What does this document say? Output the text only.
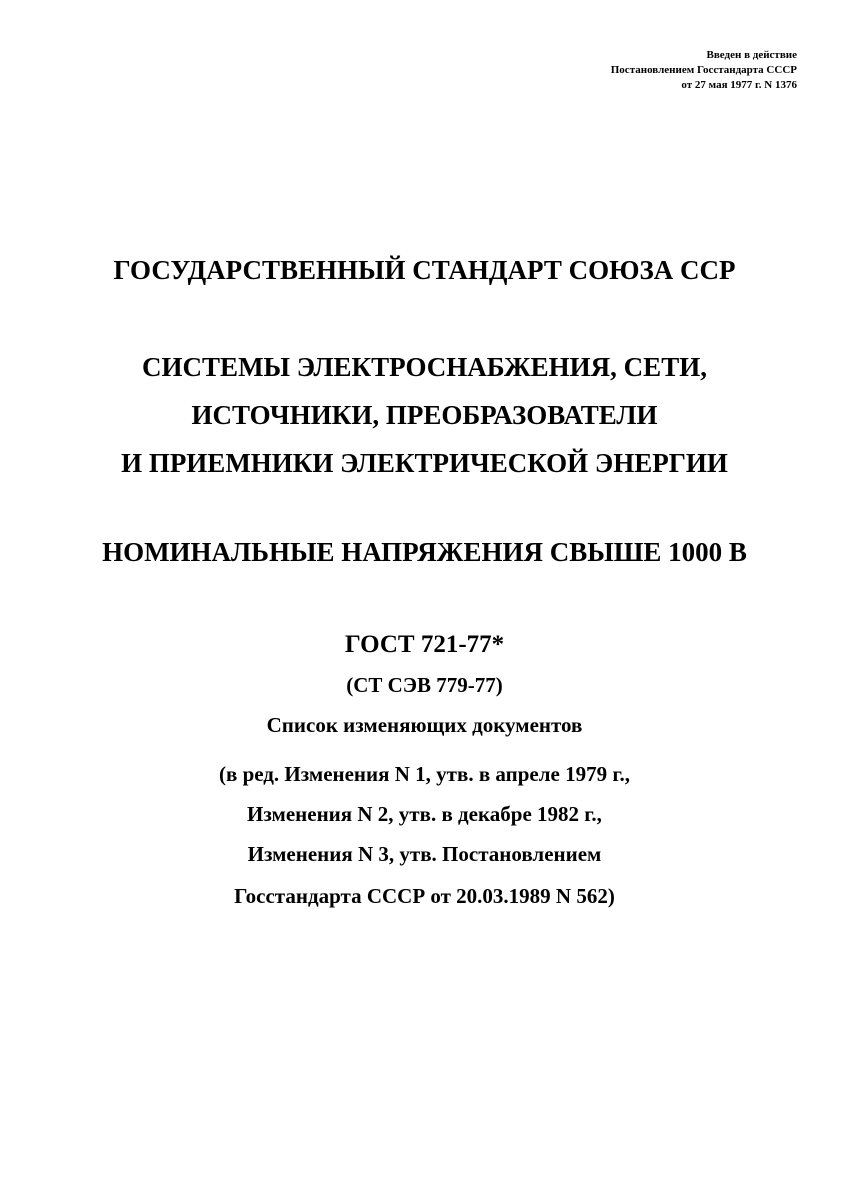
Введен в действие
Постановлением Госстандарта СССР
от 27 мая 1977 г. N 1376
ГОСУДАРСТВЕННЫЙ СТАНДАРТ СОЮЗА ССР
СИСТЕМЫ ЭЛЕКТРОСНАБЖЕНИЯ, СЕТИ,
ИСТОЧНИКИ, ПРЕОБРАЗОВАТЕЛИ
И ПРИЕМНИКИ ЭЛЕКТРИЧЕСКОЙ ЭНЕРГИИ
НОМИНАЛЬНЫЕ НАПРЯЖЕНИЯ СВЫШЕ 1000 В
ГОСТ 721-77*
(СТ СЭВ 779-77)
Список изменяющих документов
(в ред. Изменения N 1, утв. в апреле 1979 г.,
Изменения N 2, утв. в декабре 1982 г.,
Изменения N 3, утв. Постановлением
Госстандарта СССР от 20.03.1989 N 562)
